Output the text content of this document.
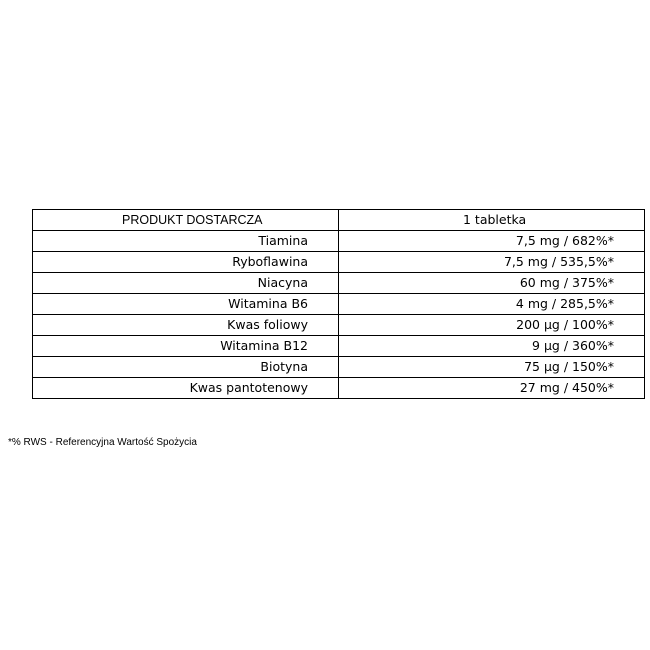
PRODUKT DOSTARCZA	1 tabletka
Tiamina	7,5 mg / 682%*
Ryboflawina	7,5 mg / 535,5%*
Niacyna	60 mg / 375%*
Witamina B6	4 mg / 285,5%*
Kwas foliowy	200 µg / 100%*
Witamina B12	9 µg / 360%*
Biotyna	75 µg / 150%*
Kwas pantotenowy	27 mg / 450%*
*% RWS - Referencyjna Wartość Spożycia
